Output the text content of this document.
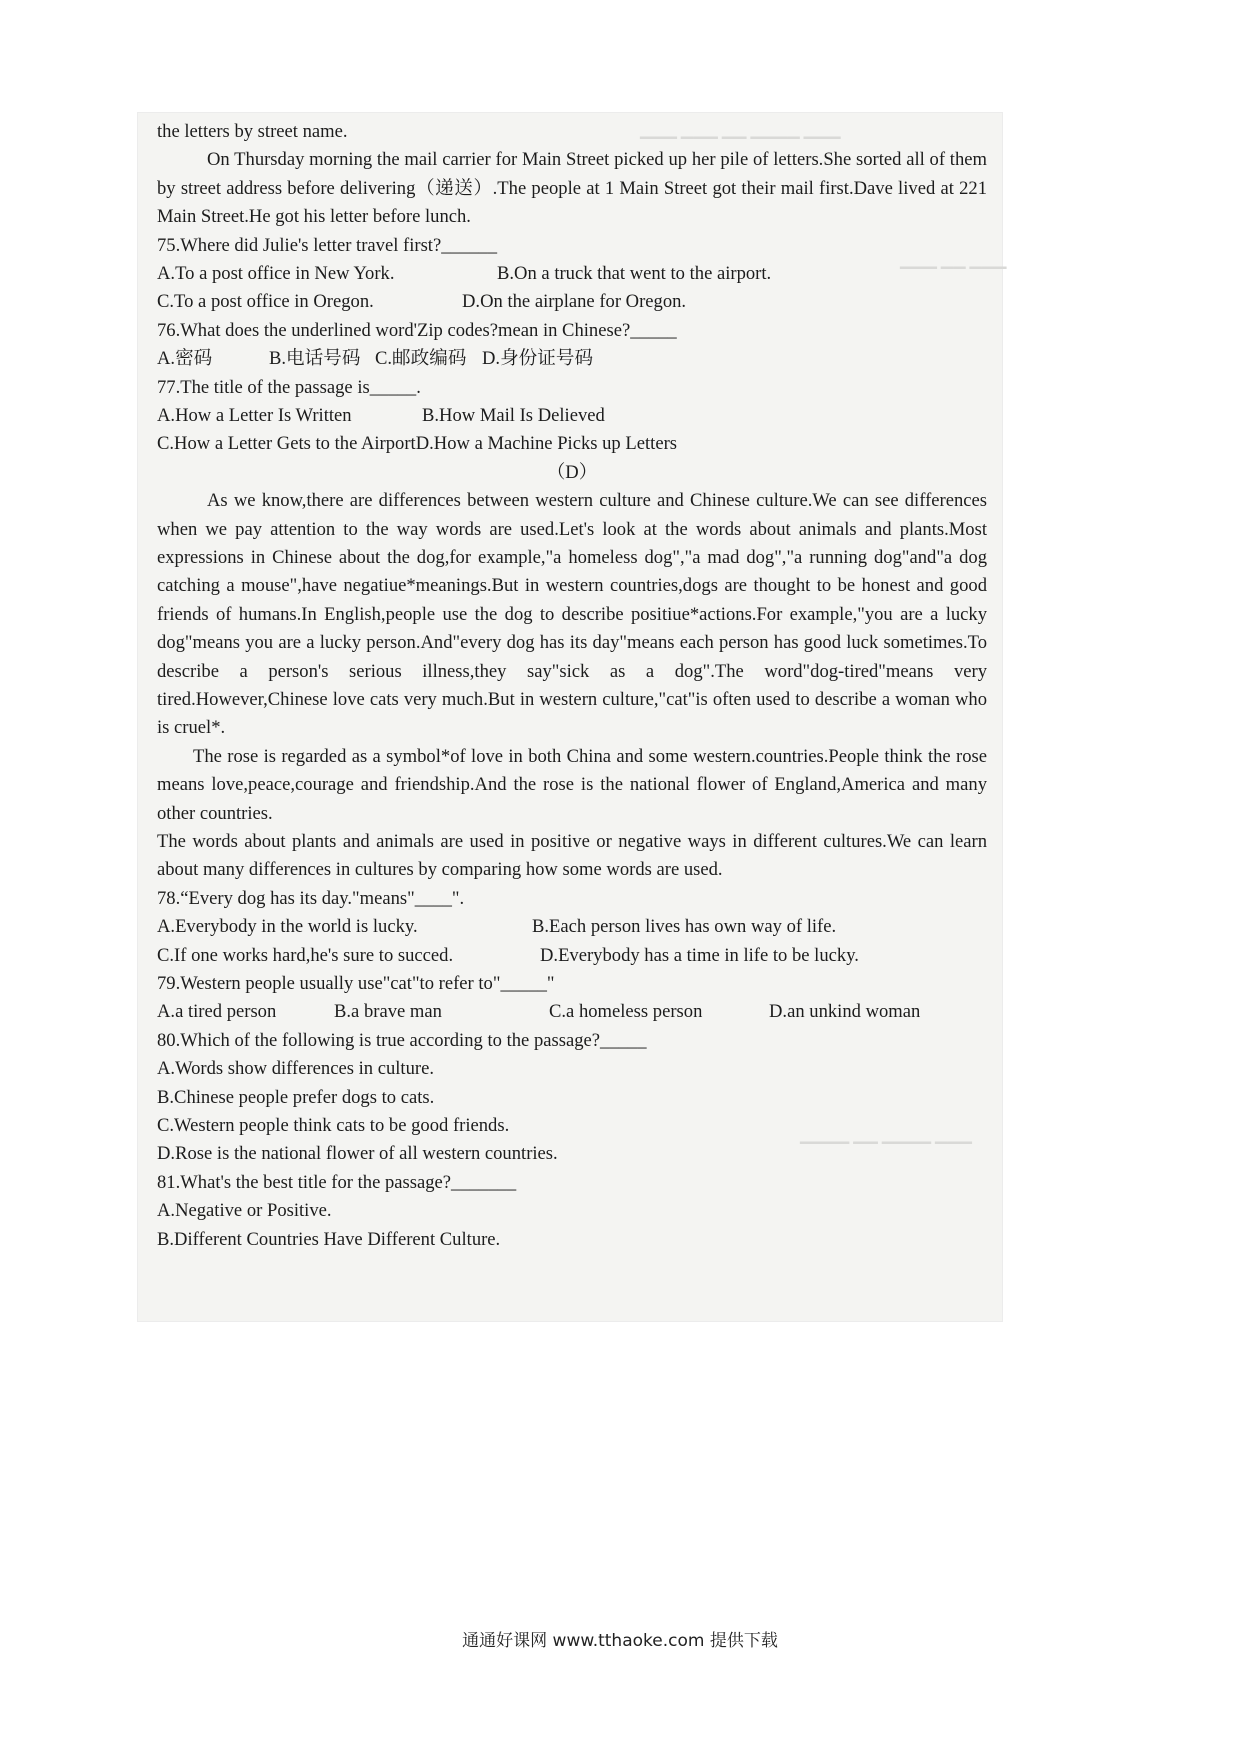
▁▁▁ ▁▁▁ ▁▁ ▁▁▁▁ ▁▁▁
▁▁▁ ▁▁ ▁▁▁
▁▁▁▁ ▁▁ ▁▁▁▁ ▁▁▁
the letters by street name.

On Thursday morning the mail carrier for Main Street picked up her pile of letters.She sorted all of them by street address before delivering（递送）.The people at 1 Main Street got their mail first.Dave lived at 221 Main Street.He got his letter before lunch.

75.Where did Julie's letter travel first?______
A.To a post office in New York.	B.On a truck that went to the airport.
C.To a post office in Oregon.	D.On the airplane for Oregon.
76.What does the underlined word'Zip codes?mean in Chinese?_____
A.密码	B.电话号码 C.邮政编码 D.身份证号码
77.The title of the passage is_____.
A.How a Letter Is Written	B.How Mail Is Delieved
C.How a Letter Gets to the Airport D.How a Machine Picks up Letters
（D）

As we know,there are differences between western culture and Chinese culture.We can see differences when we pay attention to the way words are used.Let's look at the words about animals and plants.Most expressions in Chinese about the dog,for example,"a homeless dog","a mad dog","a running dog"and"a dog catching a mouse",have negatiue*meanings.But in western countries,dogs are thought to be honest and good friends of humans.In English,people use the dog to describe positiue*actions.For example,"you are a lucky dog"means you are a lucky person.And"every dog has its day"means each person has good luck sometimes.To describe a person's serious illness,they say"sick as a dog".The word"dog-tired"means very tired.However,Chinese love cats very much.But in western culture,"cat"is often used to describe a woman who is cruel*.

The rose is regarded as a symbol*of love in both China and some western.countries.People think the rose means love,peace,courage and friendship.And the rose is the national flower of England,America and many other countries.

The words about plants and animals are used in positive or negative ways in different cultures.We can learn about many differences in cultures by comparing how some words are used.

78.“Every dog has its day."means"____".
A.Everybody in the world is lucky.	B.Each person lives has own way of life.
C.If one works hard,he's sure to succed.	D.Everybody has a time in life to be lucky.
79.Western people usually use"cat"to refer to"_____"
A.a tired person	B.a brave man	C.a homeless person	D.an unkind woman
80.Which of the following is true according to the passage?_____
A.Words show differences in culture.
B.Chinese people prefer dogs to cats.
C.Western people think cats to be good friends.
D.Rose is the national flower of all western countries.
81.What's the best title for the passage?_______
A.Negative or Positive.
B.Different Countries Have Different Culture.
通通好课网 www.tthaoke.com 提供下载
